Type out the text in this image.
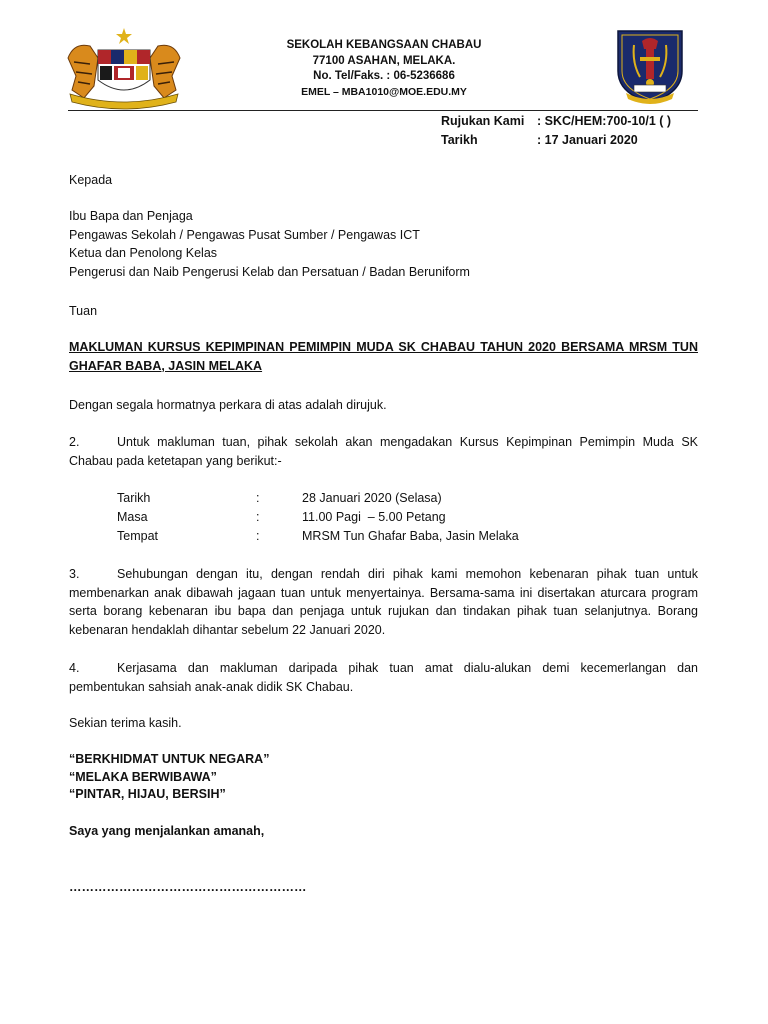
SEKOLAH KEBANGSAAN CHABAU
77100 ASAHAN, MELAKA.
No. Tel/Faks. : 06-5236686
EMEL – MBA1010@MOE.EDU.MY
Rujukan Kami : SKC/HEM:700-10/1 ( )
Tarikh	: 17 Januari 2020
Kepada
Ibu Bapa dan Penjaga
Pengawas Sekolah / Pengawas Pusat Sumber / Pengawas ICT
Ketua dan Penolong Kelas
Pengerusi dan Naib Pengerusi Kelab dan Persatuan / Badan Beruniform
Tuan
MAKLUMAN KURSUS KEPIMPINAN PEMIMPIN MUDA SK CHABAU TAHUN 2020 BERSAMA MRSM TUN GHAFAR BABA, JASIN MELAKA
Dengan segala hormatnya perkara di atas adalah dirujuk.
2.	Untuk makluman tuan, pihak sekolah akan mengadakan Kursus Kepimpinan Pemimpin Muda SK Chabau pada ketetapan yang berikut:-
Tarikh	:	28 Januari 2020 (Selasa)
Masa	:	11.00 Pagi  – 5.00 Petang
Tempat	:	MRSM Tun Ghafar Baba, Jasin Melaka
3.	Sehubungan dengan itu, dengan rendah diri pihak kami memohon kebenaran pihak tuan untuk membenarkan anak dibawah jagaan tuan untuk menyertainya. Bersama-sama ini disertakan aturcara program serta borang kebenaran ibu bapa dan penjaga untuk rujukan dan tindakan pihak tuan selanjutnya. Borang kebenaran hendaklah dihantar sebelum 22 Januari 2020.
4.	Kerjasama dan makluman daripada pihak tuan amat dialu-alukan demi kecemerlangan dan pembentukan sahsiah anak-anak didik SK Chabau.
Sekian terima kasih.
“BERKHIDMAT UNTUK NEGARA”
“MELAKA BERWIBAWA”
“PINTAR, HIJAU, BERSIH”
Saya yang menjalankan amanah,
…………………………………………………
